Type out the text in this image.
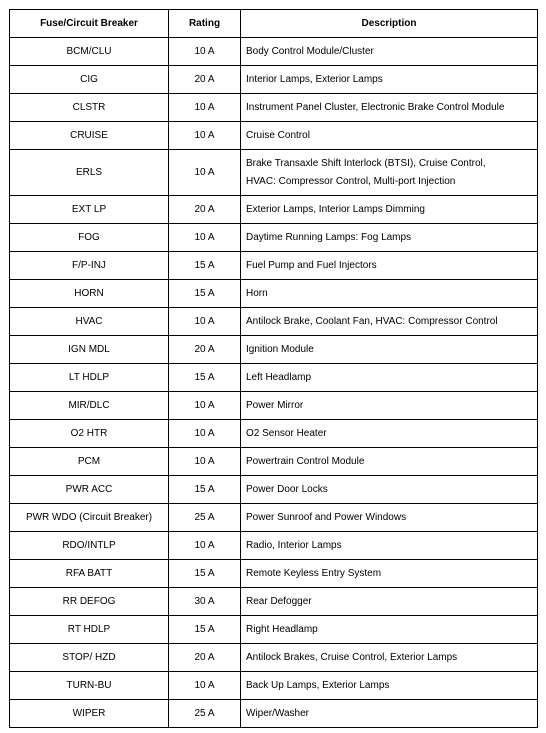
Fuse/Circuit Breaker	Rating	Description
BCM/CLU	10 A	Body Control Module/Cluster
CIG	20 A	Interior Lamps, Exterior Lamps
CLSTR	10 A	Instrument Panel Cluster, Electronic Brake Control Module
CRUISE	10 A	Cruise Control
ERLS	10 A	Brake Transaxle Shift Interlock (BTSI), Cruise Control,
HVAC: Compressor Control, Multi-port Injection

EXT LP	20 A	Exterior Lamps, Interior Lamps Dimming
FOG	10 A	Daytime Running Lamps: Fog Lamps
F/P-INJ	15 A	Fuel Pump and Fuel Injectors
HORN	15 A	Horn
HVAC	10 A	Antilock Brake, Coolant Fan, HVAC: Compressor Control
IGN MDL	20 A	Ignition Module
LT HDLP	15 A	Left Headlamp
MIR/DLC	10 A	Power Mirror
O2 HTR	10 A	O2 Sensor Heater
PCM	10 A	Powertrain Control Module
PWR ACC	15 A	Power Door Locks
PWR WDO (Circuit Breaker)	25 A	Power Sunroof and Power Windows
RDO/INTLP	10 A	Radio, Interior Lamps
RFA BATT	15 A	Remote Keyless Entry System
RR DEFOG	30 A	Rear Defogger
RT HDLP	15 A	Right Headlamp
STOP/ HZD	20 A	Antilock Brakes, Cruise Control, Exterior Lamps
TURN-BU	10 A	Back Up Lamps, Exterior Lamps
WIPER	25 A	Wiper/Washer
